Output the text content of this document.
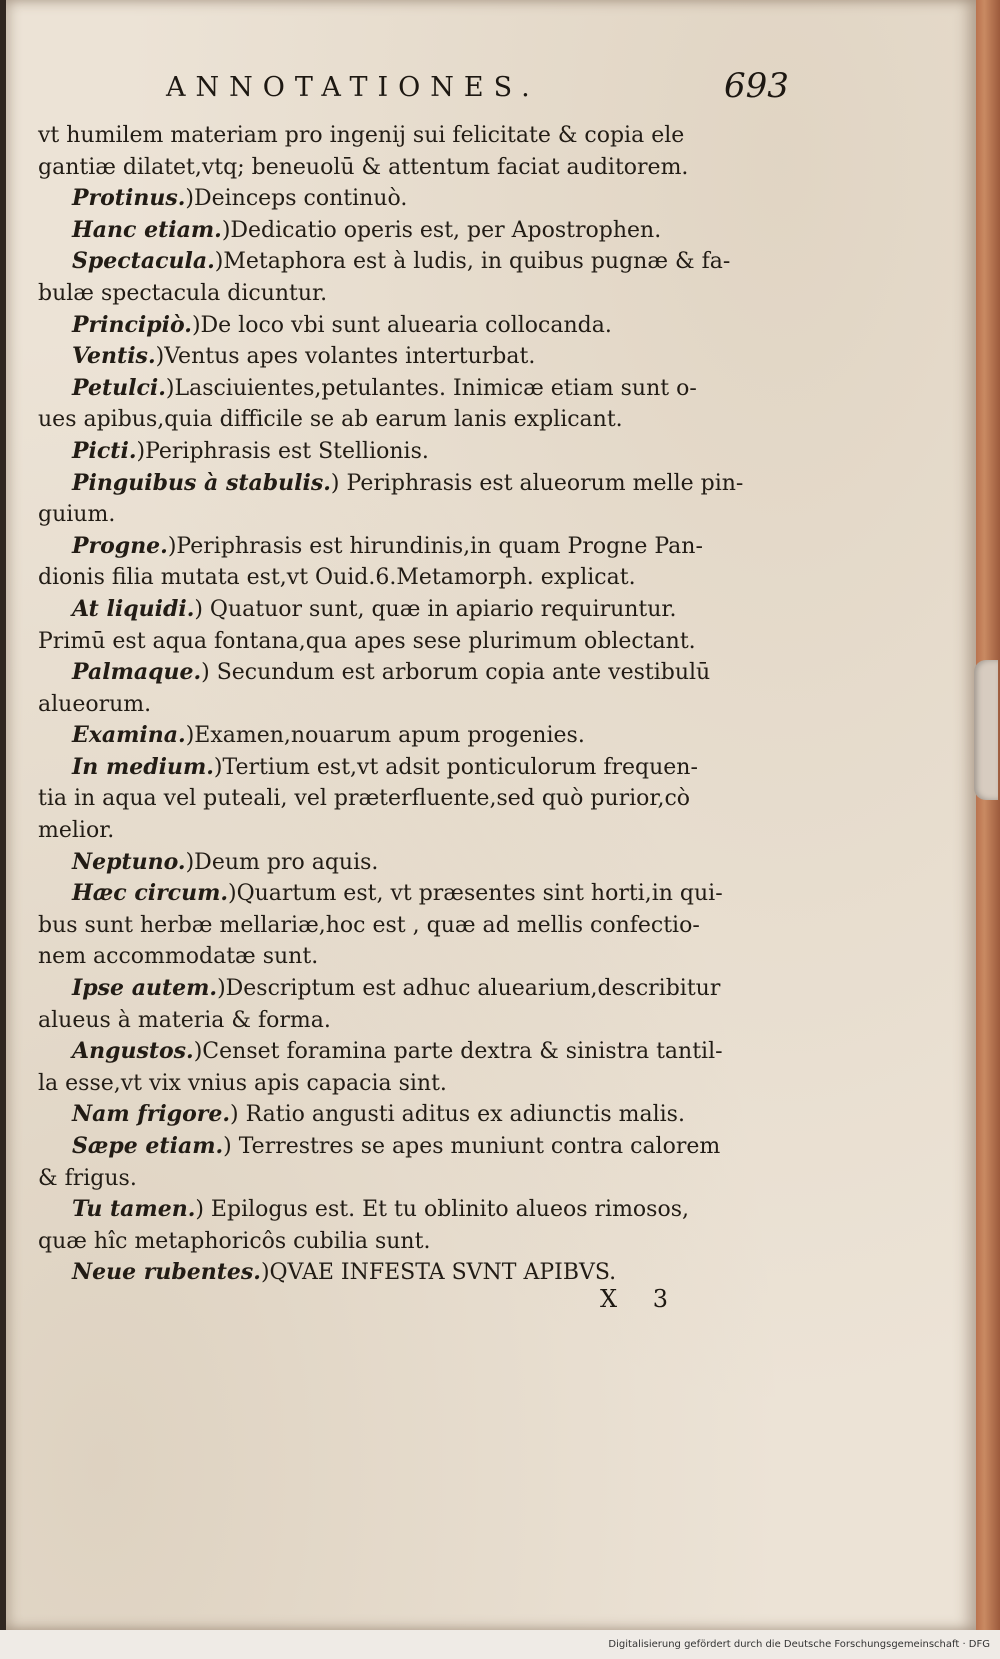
ANNOTATIONES.	693
vt humilem materiam pro ingenij sui felicitate & copia ele
gantiæ dilatet,vtq; beneuolū & attentum faciat auditorem.
Protinus.)Deinceps continuò.
Hanc etiam.)Dedicatio operis est, per Apostrophen.
Spectacula.)Metaphora est à ludis, in quibus pugnæ & fa-
bulæ spectacula dicuntur.
Principiò.)De loco vbi sunt aluearia collocanda.
Ventis.)Ventus apes volantes interturbat.
Petulci.)Lasciuientes,petulantes. Inimicæ etiam sunt o-
ues apibus,quia difficile se ab earum lanis explicant.
Picti.)Periphrasis est Stellionis.
Pinguibus à stabulis.) Periphrasis est alueorum melle pin-
guium.
Progne.)Periphrasis est hirundinis,in quam Progne Pan-
dionis filia mutata est,vt Ouid.6.Metamorph. explicat.
At liquidi.) Quatuor sunt, quæ in apiario requiruntur.
Primū est aqua fontana,qua apes sese plurimum oblectant.
Palmaque.) Secundum est arborum copia ante vestibulū
alueorum.
Examina.)Examen,nouarum apum progenies.
In medium.)Tertium est,vt adsit ponticulorum frequen-
tia in aqua vel puteali, vel præterfluente,sed quò purior,cò
melior.
Neptuno.)Deum pro aquis.
Hæc circum.)Quartum est, vt præsentes sint horti,in qui-
bus sunt herbæ mellariæ,hoc est , quæ ad mellis confectio-
nem accommodatæ sunt.
Ipse autem.)Descriptum est adhuc aluearium,describitur
alueus à materia & forma.
Angustos.)Censet foramina parte dextra & sinistra tantil-
la esse,vt vix vnius apis capacia sint.
Nam frigore.) Ratio angusti aditus ex adiunctis malis.
Sæpe etiam.) Terrestres se apes muniunt contra calorem
& frigus.
Tu tamen.) Epilogus est. Et tu oblinito alueos rimosos,
quæ hîc metaphoricôs cubilia sunt.
Neue rubentes.)QVAE INFESTA SVNT APIBVS.
X 3
Digitalisierung gefördert durch die Deutsche Forschungsgemeinschaft · DFG
